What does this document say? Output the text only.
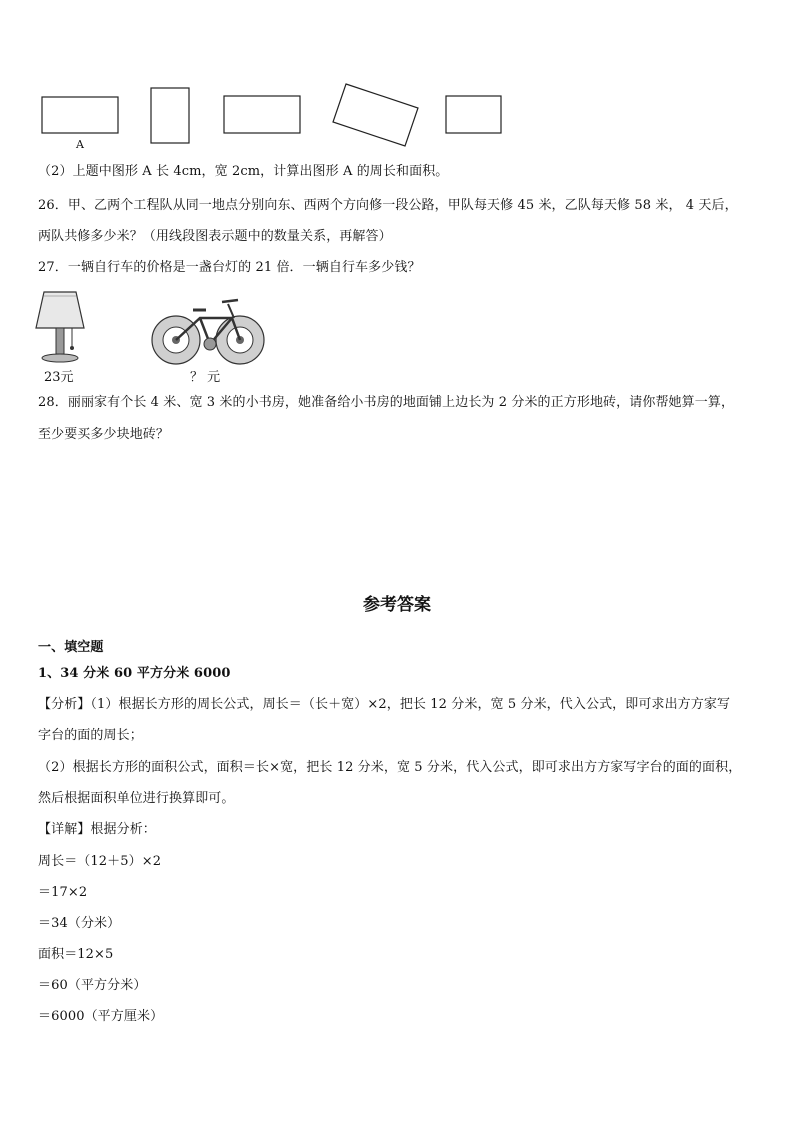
A
（2）上题中图形 A 长 4cm，宽 2cm，计算出图形 A 的周长和面积。
26．甲、乙两个工程队从同一地点分别向东、西两个方向修一段公路，甲队每天修 45 米，乙队每天修 58 米， 4 天后，
两队共修多少米？（用线段图表示题中的数量关系，再解答）
27．一辆自行车的价格是一盏台灯的 21 倍．一辆自行车多少钱？
23元	？ 元
28．丽丽家有个长 4 米、宽 3 米的小书房，她准备给小书房的地面铺上边长为 2 分米的正方形地砖，请你帮她算一算，
至少要买多少块地砖？
参考答案
一、填空题
1、34 分米 60 平方分米 6000
【分析】（1）根据长方形的周长公式，周长＝（长＋宽）×2，把长 12 分米，宽 5 分米，代入公式，即可求出方方家写
字台的面的周长；
（2）根据长方形的面积公式，面积＝长×宽，把长 12 分米，宽 5 分米，代入公式，即可求出方方家写字台的面的面积，
然后根据面积单位进行换算即可。
【详解】根据分析：
周长＝（12＋5）×2
＝17×2
＝34（分米）
面积＝12×5
＝60（平方分米）
＝6000（平方厘米）
